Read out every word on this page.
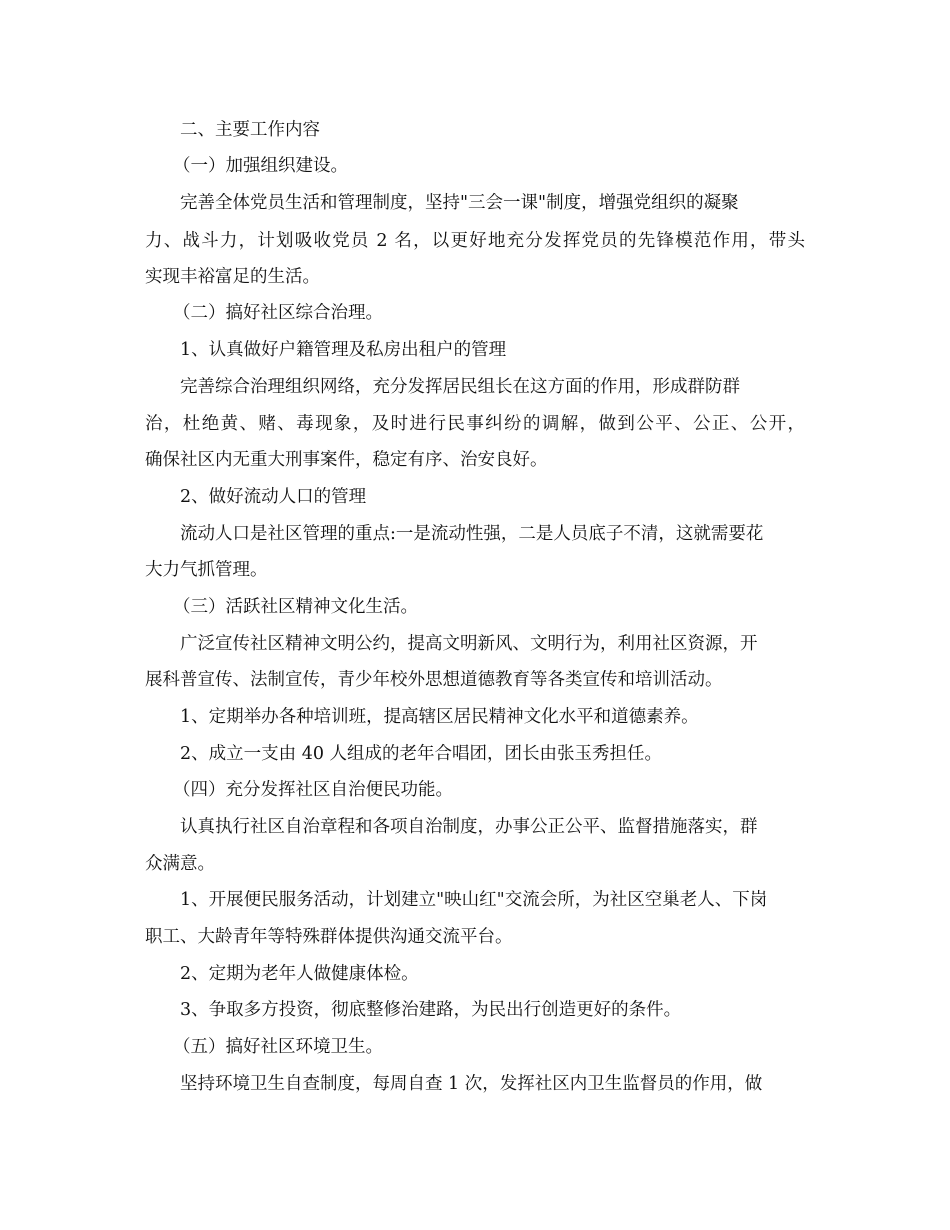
二、主要工作内容
（一）加强组织建设。
完善全体党员生活和管理制度，坚持"三会一课"制度，增强党组织的凝聚
力、战斗力，计划吸收党员 2 名，以更好地充分发挥党员的先锋模范作用，带头
实现丰裕富足的生活。
（二）搞好社区综合治理。
1、认真做好户籍管理及私房出租户的管理
完善综合治理组织网络，充分发挥居民组长在这方面的作用，形成群防群
治，杜绝黄、赌、毒现象，及时进行民事纠纷的调解，做到公平、公正、公开，
确保社区内无重大刑事案件，稳定有序、治安良好。
2、做好流动人口的管理
流动人口是社区管理的重点:一是流动性强，二是人员底子不清，这就需要花
大力气抓管理。
（三）活跃社区精神文化生活。
广泛宣传社区精神文明公约，提高文明新风、文明行为，利用社区资源，开
展科普宣传、法制宣传，青少年校外思想道德教育等各类宣传和培训活动。
1、定期举办各种培训班，提高辖区居民精神文化水平和道德素养。
2、成立一支由 40 人组成的老年合唱团，团长由张玉秀担任。
（四）充分发挥社区自治便民功能。
认真执行社区自治章程和各项自治制度，办事公正公平、监督措施落实，群
众满意。
1、开展便民服务活动，计划建立"映山红"交流会所，为社区空巢老人、下岗
职工、大龄青年等特殊群体提供沟通交流平台。
2、定期为老年人做健康体检。
3、争取多方投资，彻底整修治建路，为民出行创造更好的条件。
（五）搞好社区环境卫生。
坚持环境卫生自查制度，每周自查 1 次，发挥社区内卫生监督员的作用，做
